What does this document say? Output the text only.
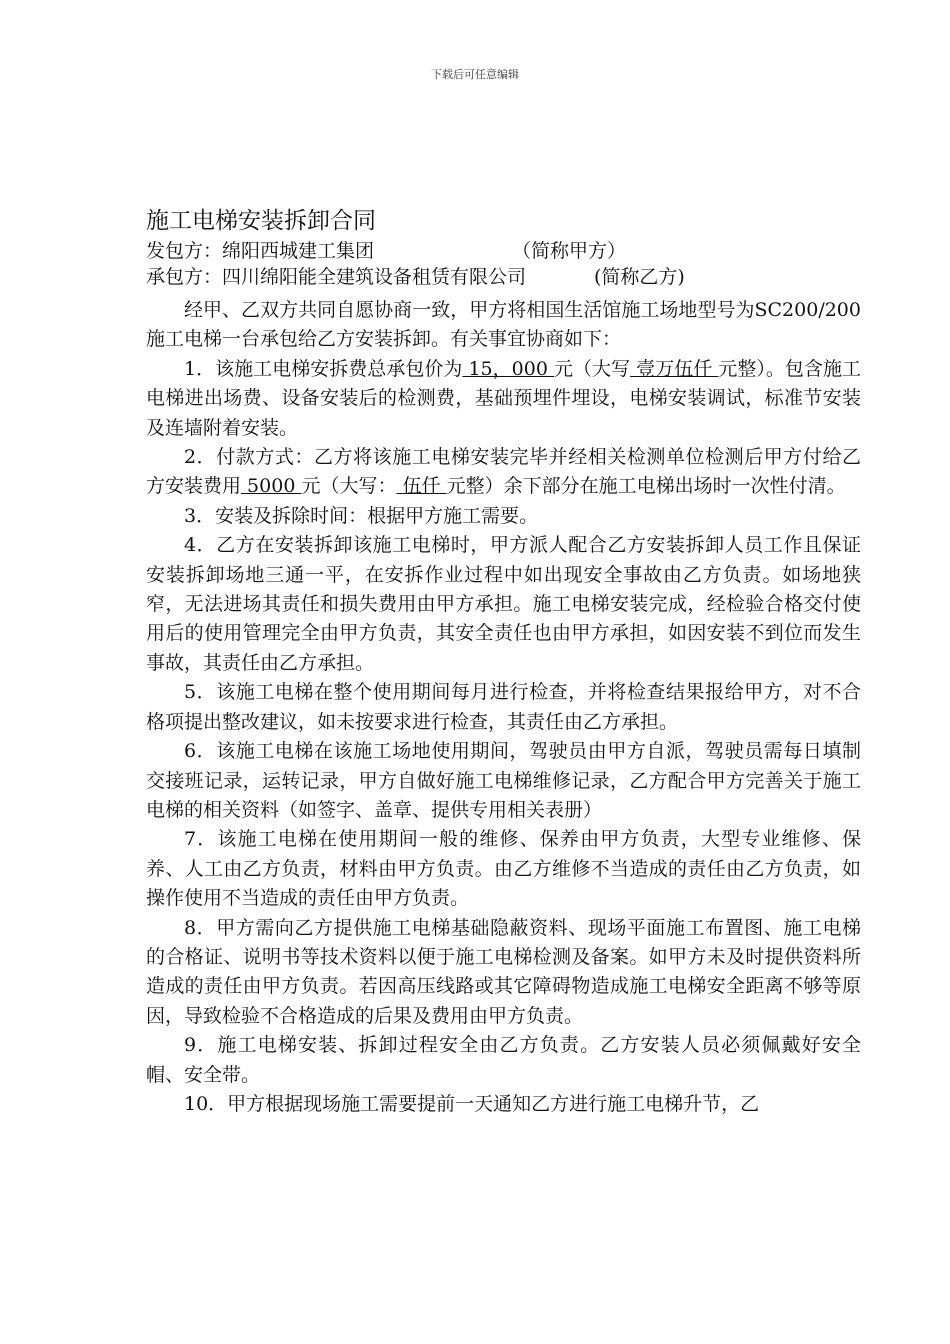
下载后可任意编辑
施工电梯安装拆卸合同
发包方：绵阳西城建工集团	（简称甲方）
承包方：四川绵阳能全建筑设备租赁有限公司	(简称乙方)

经甲、乙双方共同自愿协商一致，甲方将相国生活馆施工场地型号为SC200/200施工电梯一台承包给乙方安装拆卸。有关事宜协商如下：

1．该施工电梯安拆费总承包价为 15，000 元（大写 壹万伍仟 元整）。包含施工电梯进出场费、设备安装后的检测费，基础预埋件埋设，电梯安装调试，标准节安装及连墙附着安装。

2．付款方式：乙方将该施工电梯安装完毕并经相关检测单位检测后甲方付给乙方安装费用 5000 元（大写： 伍仟 元整）余下部分在施工电梯出场时一次性付清。

3．安装及拆除时间：根据甲方施工需要。

4．乙方在安装拆卸该施工电梯时，甲方派人配合乙方安装拆卸人员工作且保证安装拆卸场地三通一平，在安拆作业过程中如出现安全事故由乙方负责。如场地狭窄，无法进场其责任和损失费用由甲方承担。施工电梯安装完成，经检验合格交付使用后的使用管理完全由甲方负责，其安全责任也由甲方承担，如因安装不到位而发生事故，其责任由乙方承担。

5．该施工电梯在整个使用期间每月进行检查，并将检查结果报给甲方，对不合格项提出整改建议，如未按要求进行检查，其责任由乙方承担。

6．该施工电梯在该施工场地使用期间，驾驶员由甲方自派，驾驶员需每日填制交接班记录，运转记录，甲方自做好施工电梯维修记录，乙方配合甲方完善关于施工电梯的相关资料（如签字、盖章、提供专用相关表册）

7．该施工电梯在使用期间一般的维修、保养由甲方负责，大型专业维修、保养、人工由乙方负责，材料由甲方负责。由乙方维修不当造成的责任由乙方负责，如操作使用不当造成的责任由甲方负责。

8．甲方需向乙方提供施工电梯基础隐蔽资料、现场平面施工布置图、施工电梯的合格证、说明书等技术资料以便于施工电梯检测及备案。如甲方未及时提供资料所造成的责任由甲方负责。若因高压线路或其它障碍物造成施工电梯安全距离不够等原因，导致检验不合格造成的后果及费用由甲方负责。

9．施工电梯安装、拆卸过程安全由乙方负责。乙方安装人员必须佩戴好安全帽、安全带。

10．甲方根据现场施工需要提前一天通知乙方进行施工电梯升节，乙
